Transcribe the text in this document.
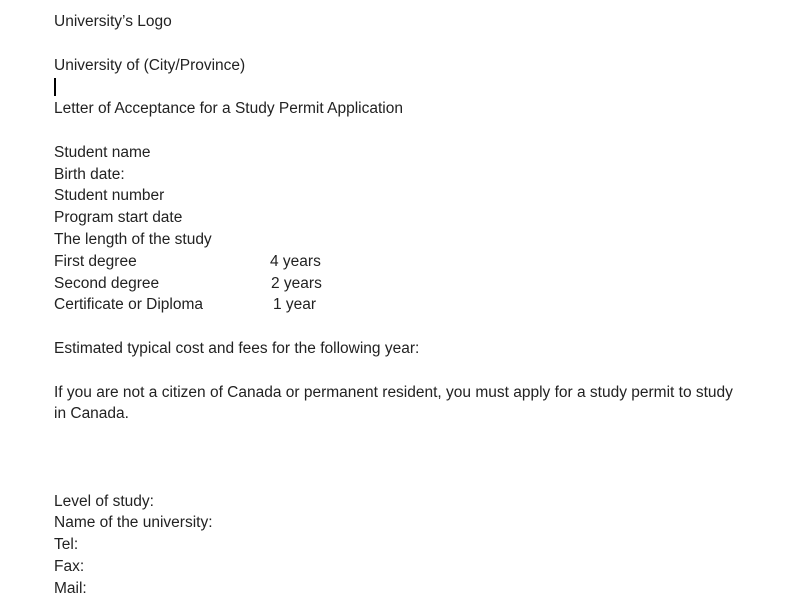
University’s Logo
University of (City/Province)
Letter of Acceptance for a Study Permit Application
Student name
Birth date:
Student number
Program start date
The length of the study
First degree	4 years
Second degree	2 years
Certificate or Diploma	1 year
Estimated typical cost and fees for the following year:
If you are not a citizen of Canada or permanent resident, you must apply for a study permit to study in Canada.
Level of study:
Name of the university:
Tel:
Fax:
Mail:
